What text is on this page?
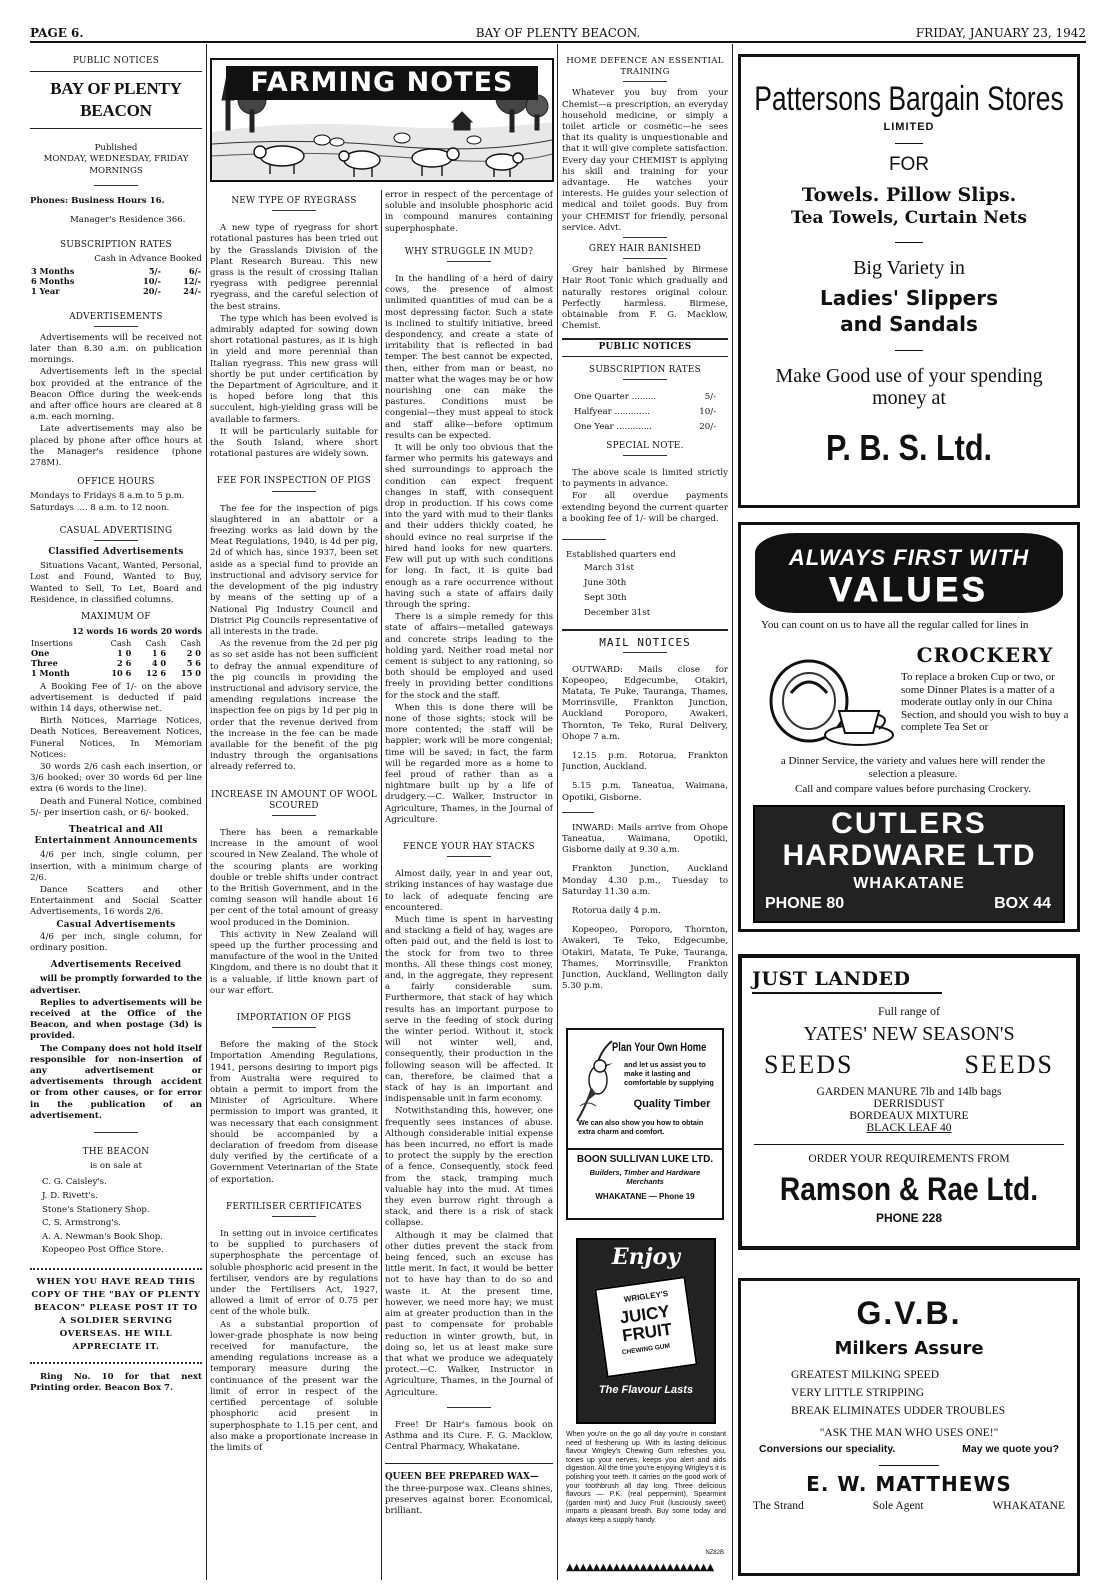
PAGE 6.	BAY OF PLENTY BEACON.	FRIDAY, JANUARY 23, 1942
PUBLIC NOTICES
BAY OF PLENTY BEACON
Published
MONDAY, WEDNESDAY, FRIDAY
MORNINGS
Phones: Business Hours 16.
Manager's Residence 366.
SUBSCRIPTION RATES
Cash in Advance Booked
3 Months	5/-	6/-
6 Months	10/-	12/-
1 Year	20/-	24/-
ADVERTISEMENTS

Advertisements will be received not later than 8.30 a.m. on publication mornings.

Advertisements left in the special box provided at the entrance of the Beacon Office during the week-ends and after office hours are cleared at 8 a.m. each morning.

Late advertisements may also be placed by phone after office hours at the Manager's residence (phone 278M).

OFFICE HOURS
Mondays to Fridays 8 a.m to 5 p.m.
Saturdays .... 8 a.m. to 12 noon.
CASUAL ADVERTISING
Classified Advertisements

Situations Vacant, Wanted, Personal, Lost and Found, Wanted to Buy, Wanted to Sell, To Let, Board and Residence, in classified columns.

MAXIMUM OF
12 words 16 words 20 words
Insertions	Cash	Cash	Cash
One	1 0	1 6	2 0
Three	2 6	4 0	5 6
1 Month	10 6	12 6	15 0

A Booking Fee of 1/- on the above advertisement is deducted if paid within 14 days, otherwise net.

Birth Notices, Marriage Notices, Death Notices, Bereavement Notices, Funeral Notices, In Memoriam Notices:

30 words 2/6 cash each insertion, or 3/6 booked; over 30 words 6d per line extra (6 words to the line).

Death and Funeral Notice, combined 5/- per insertion cash, or 6/- booked.

Theatrical and All Entertainment Announcements

4/6 per inch, single column, per insertion, with a minimum charge of 2/6.

Dance Scatters and other Entertainment and Social Scatter Advertisements, 16 words 2/6.

Casual Advertisements

4/6 per inch, single column, for ordinary position.

Advertisements Received

will be promptly forwarded to the advertiser.

Replies to advertisements will be received at the Office of the Beacon, and when postage (3d) is provided.

The Company does not hold itself responsible for non-insertion of any advertisement or advertisements through accident or from other causes, or for error in the publication of an advertisement.

THE BEACON
is on sale at
C. G. Caisley's.
J. D. Rivett's.
Stone's Stationery Shop.
C. S. Armstrong's.
A. A. Newman's Book Shop.
Kopeopeo Post Office Store.
WHEN YOU HAVE READ THIS COPY OF THE "BAY OF PLENTY BEACON" PLEASE POST IT TO A SOLDIER SERVING OVERSEAS. HE WILL APPRECIATE IT.

Ring No. 10 for that next Printing order. Beacon Box 7.

FARMING NOTES
NEW TYPE OF RYEGRASS

A new type of ryegrass for short rotational pastures has been tried out by the Grasslands Division of the Plant Research Bureau. This new grass is the result of crossing Italian ryegrass with pedigree perennial ryegrass, and the careful selection of the best strains.

The type which has been evolved is admirably adapted for sowing down short rotational pastures, as it is high in yield and more perennial than Italian ryegrass. This new grass will shortly be put under certification by the Department of Agriculture, and it is hoped before long that this succulent, high-yielding grass will be available to farmers.

It will be particularly suitable for the South Island, where short rotational pastures are widely sown.

FEE FOR INSPECTION OF PIGS

The fee for the inspection of pigs slaughtered in an abattoir or a freezing works as laid down by the Meat Regulations, 1940, is 4d per pig, 2d of which has, since 1937, been set aside as a special fund to provide an instructional and advisory service for the development of the pig industry by means of the setting up of a National Pig Industry Council and District Pig Councils representative of all interests in the trade.

As the revenue from the 2d per pig as so set aside has not been sufficient to defray the annual expenditure of the pig councils in providing the instructional and advisory service, the amending regulations increase the inspection fee on pigs by 1d per pig in order that the revenue derived from the increase in the fee can be made available for the benefit of the pig industry through the organisations already referred to.

INCREASE IN AMOUNT OF WOOL SCOURED

There has been a remarkable increase in the amount of wool scoured in New Zealand. The whole of the scouring plants are working double or treble shifts under contract to the British Government, and in the coming season will handle about 16 per cent of the total amount of greasy wool produced in the Dominion.

This activity in New Zealand will speed up the further processing and manufacture of the wool in the United Kingdom, and there is no doubt that it is a valuable, if little known part of our war effort.

IMPORTATION OF PIGS

Before the making of the Stock Importation Amending Regulations, 1941, persons desiring to import pigs from Australia were required to obtain a permit to import from the Minister of Agriculture. Where permission to import was granted, it was necessary that each consignment should be accompanied by a declaration of freedom from disease duly verified by the certificate of a Government Veterinarian of the State of exportation.

FERTILISER CERTIFICATES

In setting out in invoice certificates to be supplied to purchasers of superphosphate the percentage of soluble phosphoric acid present in the fertiliser, vendors are by regulations under the Fertilisers Act, 1927, allowed a limit of error of 0.75 per cent of the whole bulk.

As a substantial proportion of lower-grade phosphate is now being received for manufacture, the amending regulations increase as a temporary measure during the continuance of the present war the limit of error in respect of the certified percentage of soluble phosphoric acid present in superphosphate to 1.15 per cent, and also make a proportionate increase in the limits of

error in respect of the percentage of soluble and insoluble phosphoric acid in compound manures containing superphosphate.

WHY STRUGGLE IN MUD?

In the handling of a herd of dairy cows, the presence of almost unlimited quantities of mud can be a most depressing factor. Such a state is inclined to stultify initiative, breed despondency, and create a state of irritability that is reflected in bad temper. The best cannot be expected, then, either from man or beast, no matter what the wages may be or how nourishing one can make the pastures. Conditions must be congenial—they must appeal to stock and staff alike—before optimum results can be expected.

It will be only too obvious that the farmer who permits his gateways and shed surroundings to approach the condition can expect frequent changes in staff, with consequent drop in production. If his cows come into the yard with mud to their flanks and their udders thickly coated, he should evince no real surprise if the hired hand looks for new quarters. Few will put up with such conditions for long. In fact, it is quite bad enough as a rare occurrence without having such a state of affairs daily through the spring.

There is a simple remedy for this state of affairs—metalled gateways and concrete strips leading to the holding yard. Neither road metal nor cement is subject to any rationing, so both should be employed and used freely in providing better conditions for the stock and the staff.

When this is done there will be none of those sights; stock will be more contented; the staff will be happier; work will be more congenial; time will be saved; in fact, the farm will be regarded more as a home to feel proud of rather than as a nightmare built up by a life of drudgery.—C. Walker, Instructor in Agriculture, Thames, in the Journal of Agriculture.

FENCE YOUR HAY STACKS

Almost daily, year in and year out, striking instances of hay wastage due to lack of adequate fencing are encountered.

Much time is spent in harvesting and stacking a field of hay, wages are often paid out, and the field is lost to the stock for from two to three months. All these things cost money, and, in the aggregate, they represent a fairly considerable sum. Furthermore, that stack of hay which results has an important purpose to serve in the feeding of stock during the winter period. Without it, stock will not winter well, and, consequently, their production in the following season will be affected. It can, therefore, be claimed that a stack of hay is an important and indispensable unit in farm economy.

Notwithstanding this, however, one frequently sees instances of abuse. Although considerable initial expense has been incurred, no effort is made to protect the supply by the erection of a fence. Consequently, stock feed from the stack, tramping much valuable hay into the mud. At times they even burrow right through a stack, and there is a risk of stack collapse.

Although it may be claimed that other duties prevent the stack from being fenced, such an excuse has little merit. In fact, it would be better not to have hay than to do so and waste it. At the present time, however, we need more hay; we must aim at greater production than in the past to compensate for probable reduction in winter growth, but, in doing so, let us at least make sure that what we produce we adequately protect.—C. Walker, Instructor in Agriculture, Thames, in the Journal of Agriculture.

Free! Dr Hair's famous book on Asthma and its Cure. F. G. Macklow, Central Pharmacy, Whakatane.

QUEEN BEE PREPARED WAX—

the three-purpose wax. Cleans shines, preserves against borer. Economical, brilliant.

HOME DEFENCE AN ESSENTIAL TRAINING

Whatever you buy from your Chemist—a prescription, an everyday household medicine, or simply a toilet article or cosmetic—he sees that its quality is unquestionable and that it will give complete satisfaction. Every day your CHEMIST is applying his skill and training for your advantage. He watches your interests. He guides your selection of medical and toilet goods. Buy from your CHEMIST for friendly, personal service. Advt.

GREY HAIR BANISHED

Grey hair banished by Birmese Hair Root Tonic which gradually and naturally restores original colour. Perfectly harmless. Birmese, obtainable from F. G. Macklow, Chemist.

PUBLIC NOTICES
SUBSCRIPTION RATES
One Quarter .........	5/-
Halfyear .............	10/-
One Year .............	20/-
SPECIAL NOTE.

The above scale is limited strictly to payments in advance.

For all overdue payments extending beyond the current quarter a booking fee of 1/- will be charged.

Established quarters end
March 31st
June 30th
Sept 30th
December 31st
MAIL NOTICES

OUTWARD: Mails close for Kopeopeo, Edgecumbe, Otakiri, Matata, Te Puke, Tauranga, Thames, Morrinsville, Frankton Junction, Auckland Poroporo, Awakeri, Thornton, Te Teko, Rural Delivery, Ohope 7 a.m.

12.15 p.m. Rotorua, Frankton Junction, Auckland.

5.15 p.m. Taneatua, Waimana, Opotiki, Gisborne.

INWARD: Mails arrive from Ohope Taneatua, Waimana, Opotiki, Gisborne daily at 9.30 a.m.

Frankton Junction, Auckland Monday 4.30 p.m., Tuesday to Saturday 11.30 a.m.

Rotorua daily 4 p.m.

Kopeopeo, Poroporo, Thornton, Awakeri, Te Teko, Edgecumbe, Otakiri, Matata, Te Puke, Tauranga, Thames, Morrinsville, Frankton Junction, Auckland, Wellington daily 5.30 p.m.

Plan Your Own Home
and let us assist you to make it lasting and comfortable by supplying
Quality Timber
We can also show you how to obtain extra charm and comfort.
BOON SULLIVAN LUKE LTD.
Builders, Timber and Hardware Merchants
WHAKATANE — Phone 19
Enjoy
WRIGLEY'S
JUICY FRUIT
CHEWING GUM
The Flavour Lasts
When you're on the go all day you're in constant need of freshening up. With its lasting delicious flavour Wrigley's Chewing Gum refreshes you, tones up your nerves, keeps you alert and aids digestion. All the time you're enjoying Wrigley's it is polishing your teeth. It carries on the good work of your toothbrush all day long. Three delicious flavours — P.K. (real peppermint), Spearmint (garden mint) and Juicy Fruit (lusciously sweet) imparts a pleasant breath. Buy some today and always keep a supply handy.
NZ82B
▲▲▲▲▲▲▲▲▲▲▲▲▲▲▲▲▲▲▲▲▲▲
Pattersons Bargain Stores
LIMITED
FOR
Towels. Pillow Slips.
Tea Towels, Curtain Nets
Big Variety in
Ladies' Slippers
and Sandals
Make Good use of your spending money at
P. B. S. Ltd.
ALWAYS FIRST WITH
VALUES
You can count on us to have all the regular called for lines in
CROCKERY
To replace a broken Cup or two, or some Dinner Plates is a matter of a moderate outlay only in our China Section, and should you wish to buy a complete Tea Set or
a Dinner Service, the variety and values here will render the selection a pleasure.
Call and compare values before purchasing Crockery.
CUTLERS
HARDWARE LTD
WHAKATANE
PHONE 80	BOX 44
JUST LANDED
Full range of
YATES' NEW SEASON'S
SEEDS	SEEDS
GARDEN MANURE 7lb and 14lb bags
DERRISDUST
BORDEAUX MIXTURE
BLACK LEAF 40
ORDER YOUR REQUIREMENTS FROM
Ramson & Rae Ltd.
PHONE 228
G.V.B.
Milkers Assure
GREATEST MILKING SPEED
VERY LITTLE STRIPPING
BREAK ELIMINATES UDDER TROUBLES
"ASK THE MAN WHO USES ONE!"
Conversions our speciality.	May we quote you?
E. W. MATTHEWS
The Strand	Sole Agent	WHAKATANE
